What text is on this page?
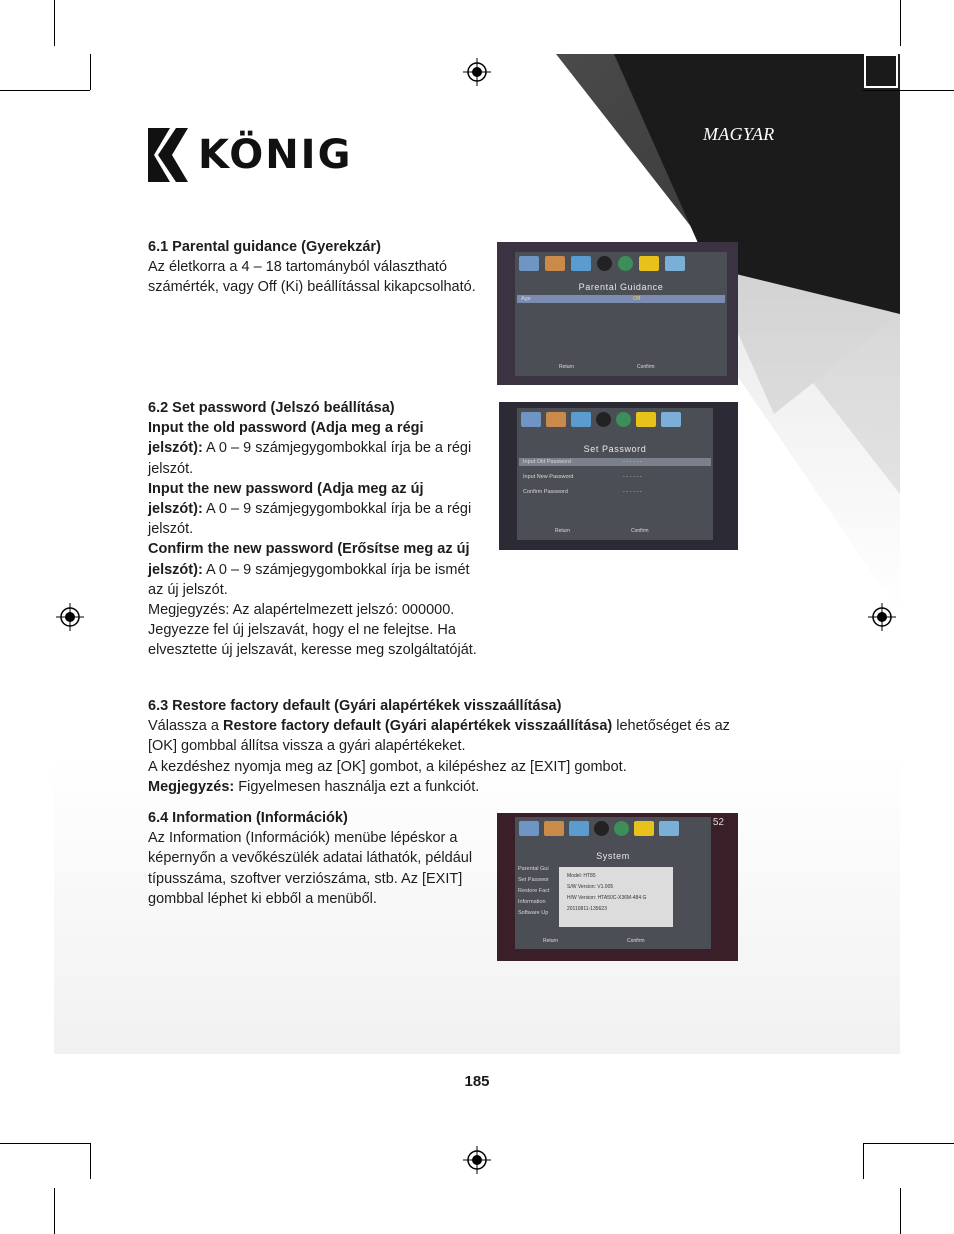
KÖNIG	MAGYAR
6.1 Parental guidance (Gyerekzár)
Az életkorra a 4 – 18 tartományból választható számérték, vagy Off (Ki) beállítással kikapcsolható.	Parental Guidance
Age	Off
Return	Confirm
6.2 Set password (Jelszó beállítása)
Input the old password (Adja meg a régi jelszót): A 0 – 9 számjegygombokkal írja be a régi jelszót.
Input the new password (Adja meg az új jelszót): A 0 – 9 számjegygombokkal írja be a régi jelszót.
Confirm the new password (Erősítse meg az új jelszót): A 0 – 9 számjegygombokkal írja be ismét az új jelszót.
Megjegyzés: Az alapértelmezett jelszó: 000000. Jegyezze fel új jelszavát, hogy el ne felejtse. Ha elvesztette új jelszavát, keresse meg szolgáltatóját.
Set Password
Input Old Password	- - - - - -
Input New Password	- - - - - -
Confirm Password	- - - - - -
Return	Confirm
6.3 Restore factory default (Gyári alapértékek visszaállítása)
Válassza a Restore factory default (Gyári alapértékek visszaállítása) lehetőséget és az [OK] gombbal állítsa vissza a gyári alapértékeket.
A kezdéshez nyomja meg az [OK] gombot, a kilépéshez az [EXIT] gombot.
Megjegyzés: Figyelmesen használja ezt a funkciót.
6.4 Information (Információk)
Az Information (Információk) menübe lépéskor a képernyőn a vevőkészülék adatai láthatók, például típusszáma, szoftver verziószáma, stb. Az [EXIT] gombbal léphet ki ebből a menüből.
52
System
Parental Gui
Set Passwor
Restore Fact
Information
Software Up
Model: HT85
S/W Version: V1.005
H/W Version: HTA50C-X36M-484 G
20110811-135623
Return	Confirm
185
